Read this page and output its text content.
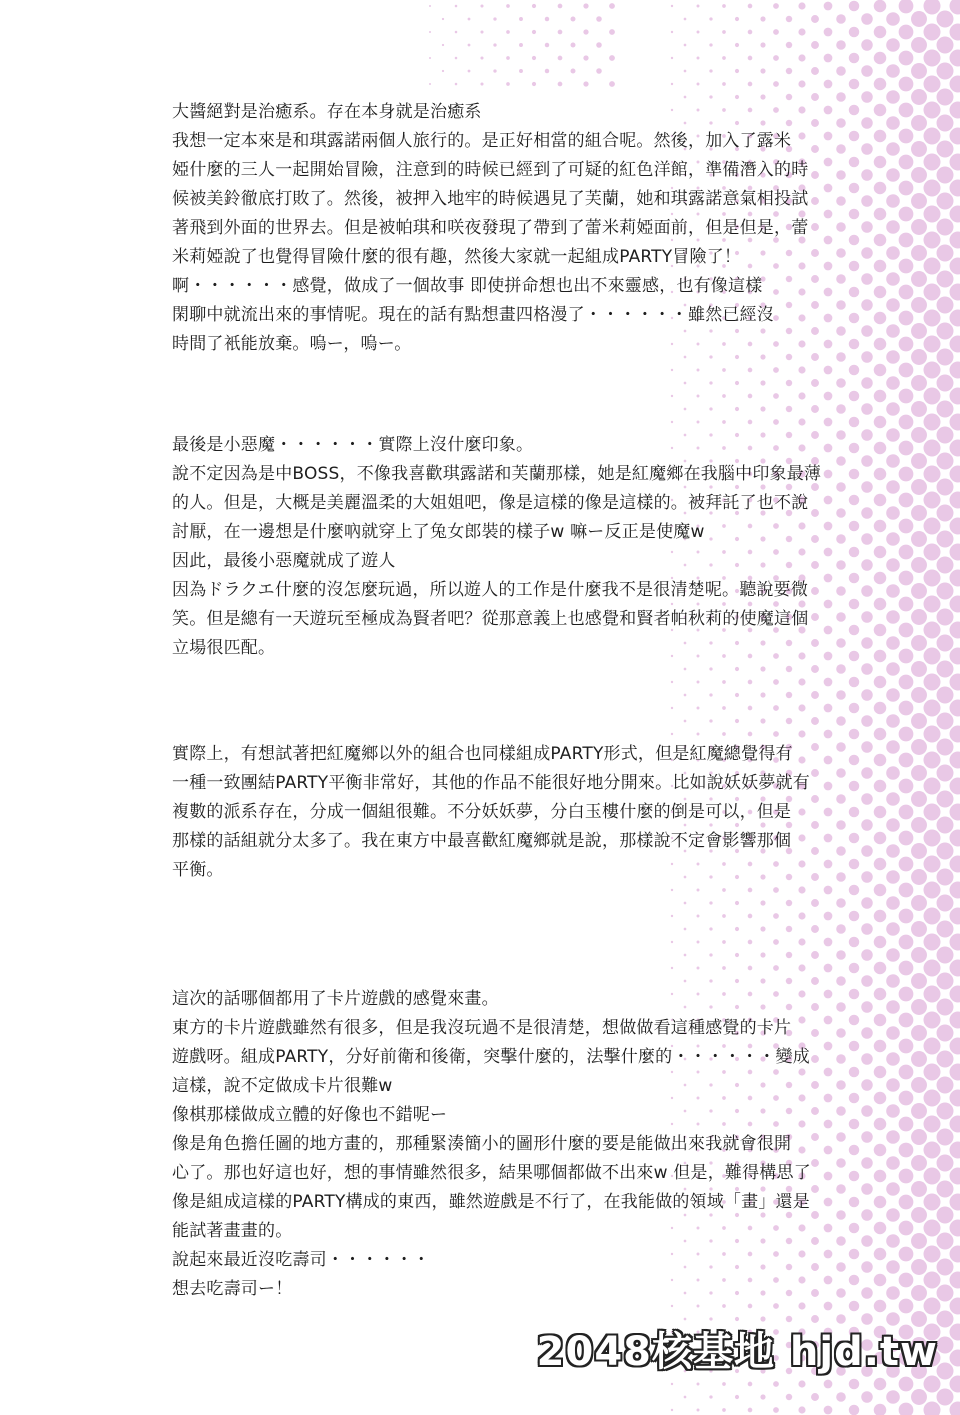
大醬絕對是治癒系。存在本身就是治癒系
我想一定本來是和琪露諾兩個人旅行的。是正好相當的組合呢。然後，加入了露米
婭什麼的三人一起開始冒險，注意到的時候已經到了可疑的紅色洋館，準備潛入的時
候被美鈴徹底打敗了。然後，被押入地牢的時候遇見了芙蘭，她和琪露諾意氣相投試
著飛到外面的世界去。但是被帕琪和咲夜發現了帶到了蕾米莉婭面前，但是但是，蕾
米莉婭說了也覺得冒險什麼的很有趣，然後大家就一起組成PARTY冒險了！
啊・・・・・・感覺，做成了一個故事 即使拼命想也出不來靈感，也有像這樣
閑聊中就流出來的事情呢。現在的話有點想畫四格漫了・・・・・・雖然已經沒
時間了衹能放棄。嗚ー，嗚ー。
最後是小惡魔・・・・・・實際上沒什麼印象。
說不定因為是中BOSS，不像我喜歡琪露諾和芙蘭那樣，她是紅魔鄉在我腦中印象最薄
的人。但是，大概是美麗溫柔的大姐姐吧，像是這樣的像是這樣的。被拜託了也不說
討厭，在一邊想是什麼吶就穿上了兔女郎裝的樣子w 嘛ー反正是使魔w
因此，最後小惡魔就成了遊人
因為ドラクエ什麼的沒怎麼玩過，所以遊人的工作是什麼我不是很清楚呢。聽說要微
笑。但是總有一天遊玩至極成為賢者吧？從那意義上也感覺和賢者帕秋莉的使魔這個
立場很匹配。
實際上，有想試著把紅魔鄉以外的組合也同樣組成PARTY形式，但是紅魔總覺得有
一種一致團結PARTY平衡非常好，其他的作品不能很好地分開來。比如說妖妖夢就有
複數的派系存在，分成一個組很難。不分妖妖夢，分白玉樓什麼的倒是可以，但是
那樣的話組就分太多了。我在東方中最喜歡紅魔鄉就是說，那樣說不定會影響那個
平衡。
這次的話哪個都用了卡片遊戲的感覺來畫。
東方的卡片遊戲雖然有很多，但是我沒玩過不是很清楚，想做做看這種感覺的卡片
遊戲呀。組成PARTY，分好前衛和後衛，突擊什麼的，法擊什麼的・・・・・・變成
這樣，說不定做成卡片很難w
像棋那樣做成立體的好像也不錯呢ー
像是角色擔任圖的地方畫的，那種緊湊簡小的圖形什麼的要是能做出來我就會很開
心了。那也好這也好，想的事情雖然很多，結果哪個都做不出來w 但是，難得構思了
像是組成這樣的PARTY構成的東西，雖然遊戲是不行了，在我能做的領域「畫」還是
能試著畫畫的。
說起來最近沒吃壽司・・・・・・
想去吃壽司ー！
2048核基地 hjd.tw
